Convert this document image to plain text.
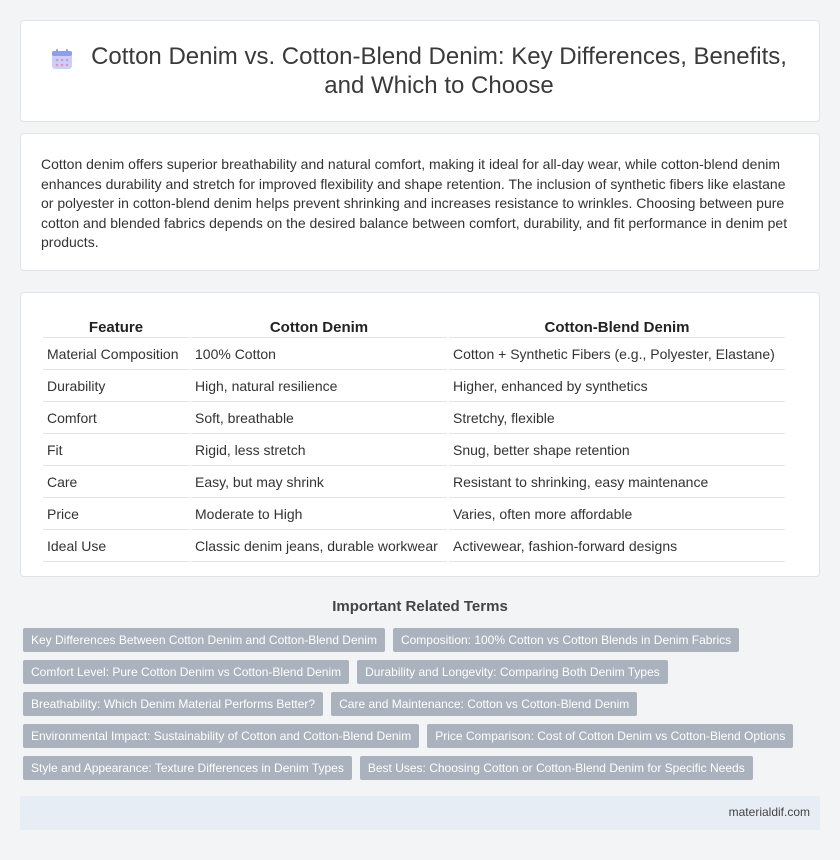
Cotton Denim vs. Cotton-Blend Denim: Key Differences, Benefits, and Which to Choose

Cotton denim offers superior breathability and natural comfort, making it ideal for all-day wear, while cotton-blend denim enhances durability and stretch for improved flexibility and shape retention. The inclusion of synthetic fibers like elastane or polyester in cotton-blend denim helps prevent shrinking and increases resistance to wrinkles. Choosing between pure cotton and blended fabrics depends on the desired balance between comfort, durability, and fit performance in denim pet products.

Feature	Cotton Denim	Cotton-Blend Denim
Material Composition	100% Cotton	Cotton + Synthetic Fibers (e.g., Polyester, Elastane)
Durability	High, natural resilience	Higher, enhanced by synthetics
Comfort	Soft, breathable	Stretchy, flexible
Fit	Rigid, less stretch	Snug, better shape retention
Care	Easy, but may shrink	Resistant to shrinking, easy maintenance
Price	Moderate to High	Varies, often more affordable
Ideal Use	Classic denim jeans, durable workwear	Activewear, fashion-forward designs
Important Related Terms
Key Differences Between Cotton Denim and Cotton-Blend Denim	Composition: 100% Cotton vs Cotton Blends in Denim Fabrics
Comfort Level: Pure Cotton Denim vs Cotton-Blend Denim	Durability and Longevity: Comparing Both Denim Types
Breathability: Which Denim Material Performs Better?	Care and Maintenance: Cotton vs Cotton-Blend Denim
Environmental Impact: Sustainability of Cotton and Cotton-Blend Denim	Price Comparison: Cost of Cotton Denim vs Cotton-Blend Options
Style and Appearance: Texture Differences in Denim Types	Best Uses: Choosing Cotton or Cotton-Blend Denim for Specific Needs
materialdif.com
